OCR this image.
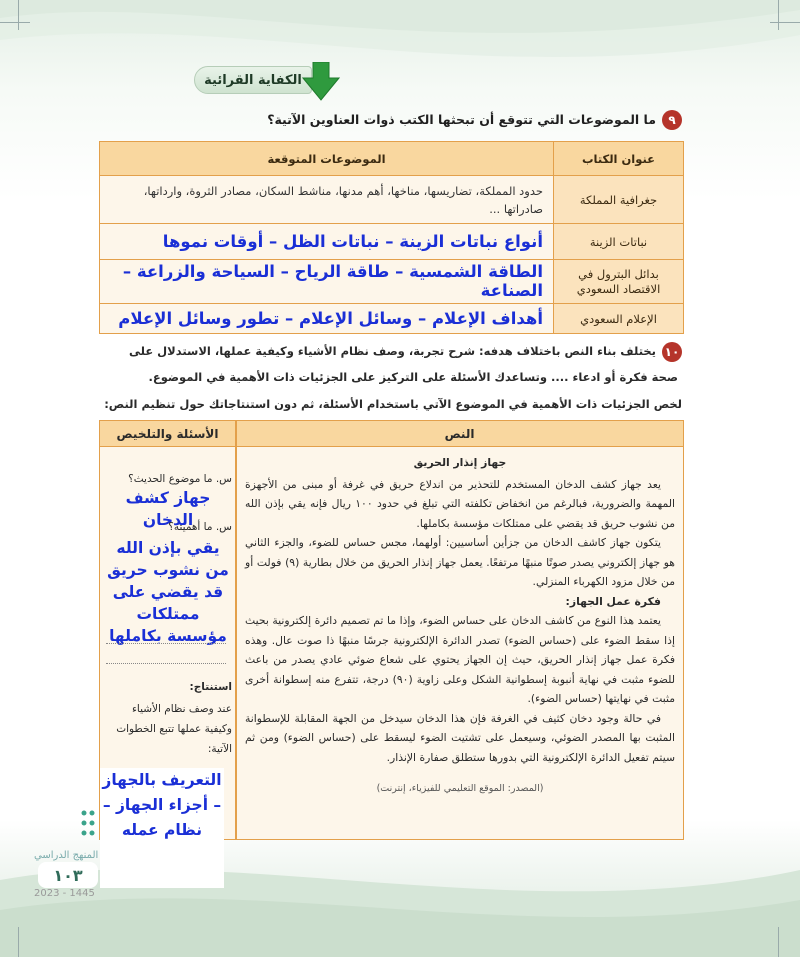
الكفاية القرائية
٩
ما الموضوعات التي تتوقع أن تبحثها الكتب ذوات العناوين الآتية؟
عنوان الكتاب	الموضوعات المتوقعة
جغرافية المملكة	حدود المملكة، تضاريسها، مناخها، أهم مدنها، مناشط السكان، مصادر الثروة، وارداتها، صادراتها ...
نباتات الزينة	أنواع نباتات الزينة – نباتات الظل – أوقات نموها
بدائل البترول في الاقتصاد السعودي	الطاقة الشمسية – طاقة الرياح – السياحة والزراعة – الصناعة
الإعلام السعودي	أهداف الإعلام – وسائل الإعلام – تطور وسائل الإعلام
١٠
يختلف بناء النص باختلاف هدفه: شرح تجربة، وصف نظام الأشياء وكيفية عملها، الاستدلال على
صحة فكرة أو ادعاء .... وتساعدك الأسئلة على التركيز على الجزئيات ذات الأهمية في الموضوع.
لخص الجزئيات ذات الأهمية في الموضوع الآتي باستخدام الأسئلة، ثم دون استنتاجاتك حول تنظيم النص:
النص
الأسئلة والتلخيص
جهاز إنذار الحريق

يعد جهاز كشف الدخان المستخدم للتحذير من اندلاع حريق في غرفة أو مبنى من الأجهزة المهمة والضرورية، فبالرغم من انخفاض تكلفته التي تبلغ في حدود ١٠٠ ريال فإنه يقي بإذن الله من نشوب حريق قد يقضي على ممتلكات مؤسسة بكاملها.

يتكون جهاز كاشف الدخان من جزأين أساسيين: أولهما، مجس حساس للضوء، والجزء الثاني هو جهاز إلكتروني يصدر صوتًا منبهًا مرتفعًا. يعمل جهاز إنذار الحريق من خلال بطارية (٩) فولت أو من خلال مزود الكهرباء المنزلي.

فكرة عمل الجهاز:

يعتمد هذا النوع من كاشف الدخان على حساس الضوء، وإذا ما تم تصميم دائرة إلكترونية بحيث إذا سقط الضوء على (حساس الضوء) تصدر الدائرة الإلكترونية جرسًا منبهًا ذا صوت عال. وهذه فكرة عمل جهاز إنذار الحريق، حيث إن الجهاز يحتوي على شعاع ضوئي عادي يصدر من باعث للضوء مثبت في نهاية أنبوبة إسطوانية الشكل وعلى زاوية (٩٠) درجة، تتفرع منه إسطوانة أخرى مثبت في نهايتها (حساس الضوء).

في حالة وجود دخان كثيف في الغرفة فإن هذا الدخان سيدخل من الجهة المقابلة للإسطوانة المثبت بها المصدر الضوئي، وسيعمل على تشتيت الضوء ليسقط على (حساس الضوء) ومن ثم سيتم تفعيل الدائرة الإلكترونية التي بدورها ستطلق صفارة الإنذار.

(المصدر: الموقع التعليمي للفيزياء، إنترنت)
س. ما موضوع الحديث؟
جهاز كشف الدخان
س. ما أهميته؟
يقي بإذن الله من نشوب حريق قد يقضي على ممتلكات مؤسسة بكاملها
استنتاج:
عند وصف نظام الأشياء وكيفية عملها تتبع الخطوات الآتية:
التعريف بالجهاز – أجزاء الجهاز – نظام عمله
المنهج الدراسي
١٠٣
2023 - 1445
